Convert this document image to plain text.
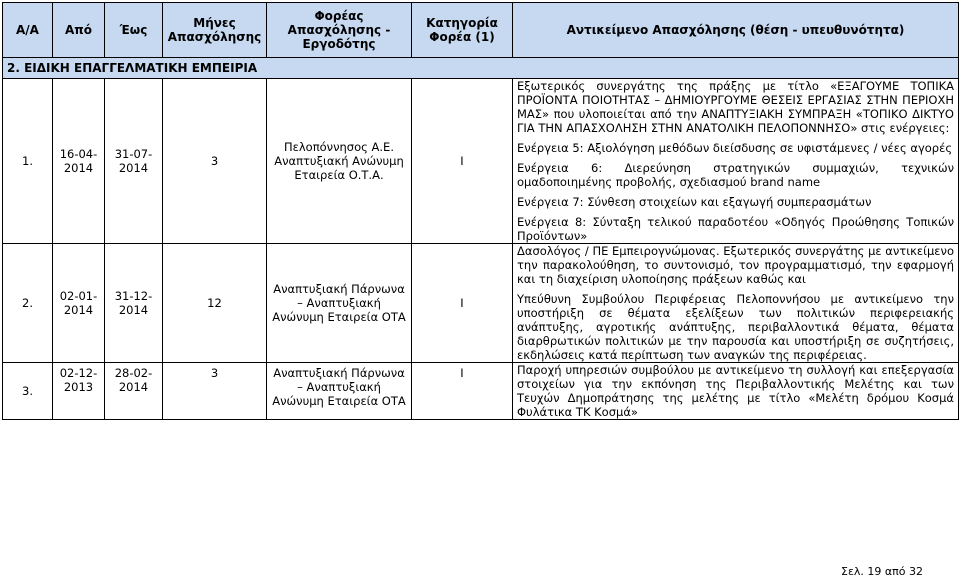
Α/Α	Από	Έως	Μήνες Απασχόλησης	Φορέας Απασχόλησης - Εργοδότης	Κατηγορία Φορέα (1)	Αντικείμενο Απασχόλησης (θέση - υπευθυνότητα)
2. ΕΙΔΙΚΗ ΕΠΑΓΓΕΛΜΑΤΙΚΗ ΕΜΠΕΙΡΙΑ						
1.	16-04-2014	31-07-2014	3	Πελοπόννησος Α.Ε. Αναπτυξιακή Ανώνυμη Εταιρεία Ο.Τ.Α.	Ι	Εξωτερικός συνεργάτης της πράξης με τίτλο «ΕΞΑΓΟΥΜΕ ΤΟΠΙΚΑ ΠΡΟΪΟΝΤΑ ΠΟΙΟΤΗΤΑΣ – ΔΗΜΙΟΥΡΓΟΥΜΕ ΘΕΣΕΙΣ ΕΡΓΑΣΙΑΣ ΣΤΗΝ ΠΕΡΙΟΧΗ ΜΑΣ» που υλοποιείται από την ΑΝΑΠΤΥΞΙΑΚΗ ΣΥΜΠΡΑΞΗ «ΤΟΠΙΚΟ ΔΙΚΤΥΟ ΓΙΑ ΤΗΝ ΑΠΑΣΧΟΛΗΣΗ ΣΤΗΝ ΑΝΑΤΟΛΙΚΗ ΠΕΛΟΠΟΝΝΗΣΟ» στις ενέργειες:

Ενέργεια 5: Αξιολόγηση μεθόδων διείσδυσης σε υφιστάμενες / νέες αγορές

Ενέργεια 6: Διερεύνηση στρατηγικών συμμαχιών, τεχνικών ομαδοποιημένης προβολής, σχεδιασμού brand name

Ενέργεια 7: Σύνθεση στοιχείων και εξαγωγή συμπερασμάτων

Ενέργεια 8: Σύνταξη τελικού παραδοτέου «Οδηγός Προώθησης Τοπικών Προϊόντων»

2.	02-01-2014	31-12-2014	12	Αναπτυξιακή Πάρνωνα – Αναπτυξιακή Ανώνυμη Εταιρεία ΟΤΑ	Ι	Δασολόγος / ΠΕ Εμπειρογνώμονας. Εξωτερικός συνεργάτης με αντικείμενο την παρακολούθηση, το συντονισμό, τον προγραμματισμό, την εφαρμογή και τη διαχείριση υλοποίησης πράξεων καθώς και

Υπεύθυνη Συμβούλου Περιφέρειας Πελοποννήσου με αντικείμενο την υποστήριξη σε θέματα εξελίξεων των πολιτικών περιφερειακής ανάπτυξης, αγροτικής ανάπτυξης, περιβαλλοντικά θέματα, θέματα διαρθρωτικών πολιτικών με την παρουσία και υποστήριξη σε συζητήσεις, εκδηλώσεις κατά περίπτωση των αναγκών της περιφέρειας.

3.	02-12-2013	28-02-2014	3	Αναπτυξιακή Πάρνωνα – Αναπτυξιακή Ανώνυμη Εταιρεία ΟΤΑ	Ι	Παροχή υπηρεσιών συμβούλου με αντικείμενο τη συλλογή και επεξεργασία στοιχείων για την εκπόνηση της Περιβαλλοντικής Μελέτης και των Τευχών Δημοπράτησης της μελέτης με τίτλο «Μελέτη δρόμου Κοσμά Φυλάτικα ΤΚ Κοσμά»

Σελ. 19 από 32
